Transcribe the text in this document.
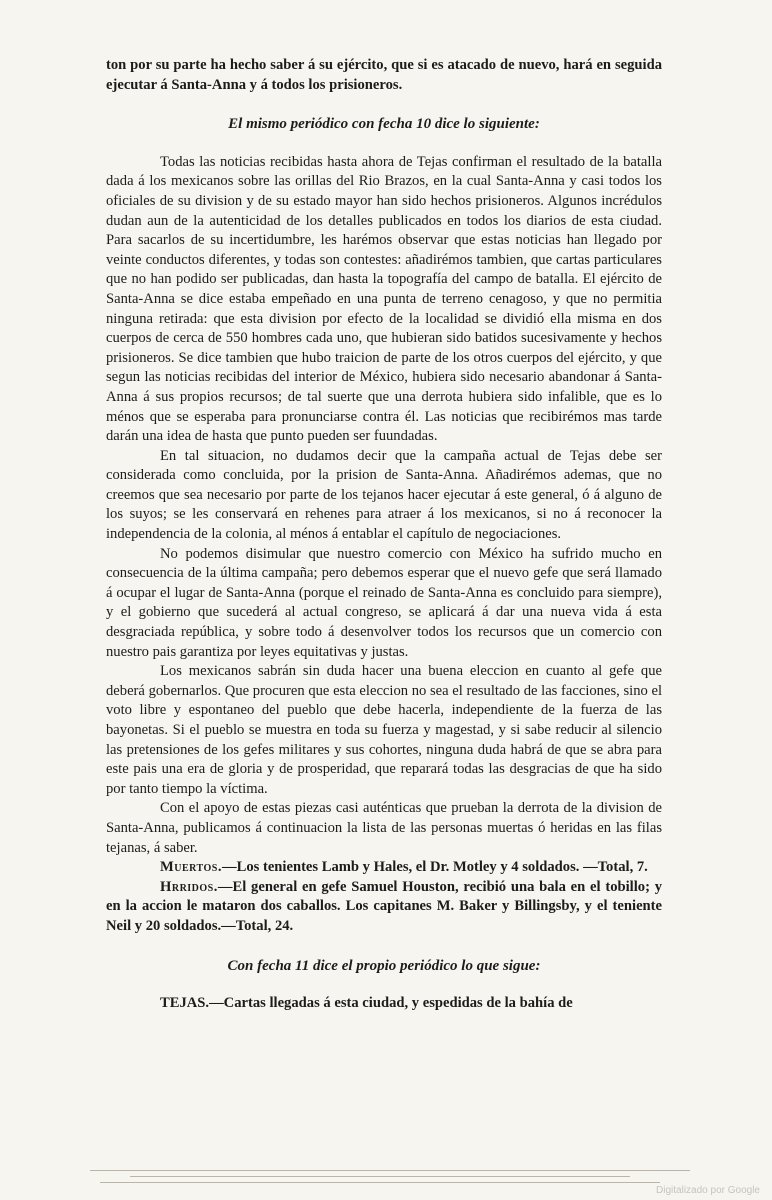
ton por su parte ha hecho saber á su ejército, que si es atacado de nuevo, hará en seguida ejecutar á Santa-Anna y á todos los prisioneros.

El mismo periódico con fecha 10 dice lo siguiente:

Todas las noticias recibidas hasta ahora de Tejas confirman el resultado de la batalla dada á los mexicanos sobre las orillas del Rio Brazos, en la cual Santa-Anna y casi todos los oficiales de su division y de su estado mayor han sido hechos prisioneros. Algunos incrédulos dudan aun de la autenticidad de los detalles publicados en todos los diarios de esta ciudad. Para sacarlos de su incertidumbre, les harémos observar que estas noticias han llegado por veinte conductos diferentes, y todas son contestes: añadirémos tambien, que cartas particulares que no han podido ser publicadas, dan hasta la topografía del campo de batalla. El ejército de Santa-Anna se dice estaba empeñado en una punta de terreno cenagoso, y que no permitia ninguna retirada: que esta division por efecto de la localidad se dividió ella misma en dos cuerpos de cerca de 550 hombres cada uno, que hubieran sido batidos sucesivamente y hechos prisioneros. Se dice tambien que hubo traicion de parte de los otros cuerpos del ejército, y que segun las noticias recibidas del interior de México, hubiera sido necesario abandonar á Santa-Anna á sus propios recursos; de tal suerte que una derrota hubiera sido infalible, que es lo ménos que se esperaba para pronunciarse contra él. Las noticias que recibirémos mas tarde darán una idea de hasta que punto pueden ser fuundadas.

En tal situacion, no dudamos decir que la campaña actual de Tejas debe ser considerada como concluida, por la prision de Santa-Anna. Añadirémos ademas, que no creemos que sea necesario por parte de los tejanos hacer ejecutar á este general, ó á alguno de los suyos; se les conservará en rehenes para atraer á los mexicanos, si no á reconocer la independencia de la colonia, al ménos á entablar el capítulo de negociaciones.

No podemos disimular que nuestro comercio con México ha sufrido mucho en consecuencia de la última campaña; pero debemos esperar que el nuevo gefe que será llamado á ocupar el lugar de Santa-Anna (porque el reinado de Santa-Anna es concluido para siempre), y el gobierno que sucederá al actual congreso, se aplicará á dar una nueva vida á esta desgraciada república, y sobre todo á desenvolver todos los recursos que un comercio con nuestro pais garantiza por leyes equitativas y justas.

Los mexicanos sabrán sin duda hacer una buena eleccion en cuanto al gefe que deberá gobernarlos. Que procuren que esta eleccion no sea el resultado de las facciones, sino el voto libre y espontaneo del pueblo que debe hacerla, independiente de la fuerza de las bayonetas. Si el pueblo se muestra en toda su fuerza y magestad, y si sabe reducir al silencio las pretensiones de los gefes militares y sus cohortes, ninguna duda habrá de que se abra para este pais una era de gloria y de prosperidad, que reparará todas las desgracias de que ha sido por tanto tiempo la víctima.

Con el apoyo de estas piezas casi auténticas que prueban la derrota de la division de Santa-Anna, publicamos á continuacion la lista de las personas muertas ó heridas en las filas tejanas, á saber.

Muertos.—Los tenientes Lamb y Hales, el Dr. Motley y 4 soldados. —Total, 7.

Hrridos.—El general en gefe Samuel Houston, recibió una bala en el tobillo; y en la accion le mataron dos caballos. Los capitanes M. Baker y Billingsby, y el teniente Neil y 20 soldados.—Total, 24.

Con fecha 11 dice el propio periódico lo que sigue:

TEJAS.—Cartas llegadas á esta ciudad, y espedidas de la bahía de

Digitalizado por Google
